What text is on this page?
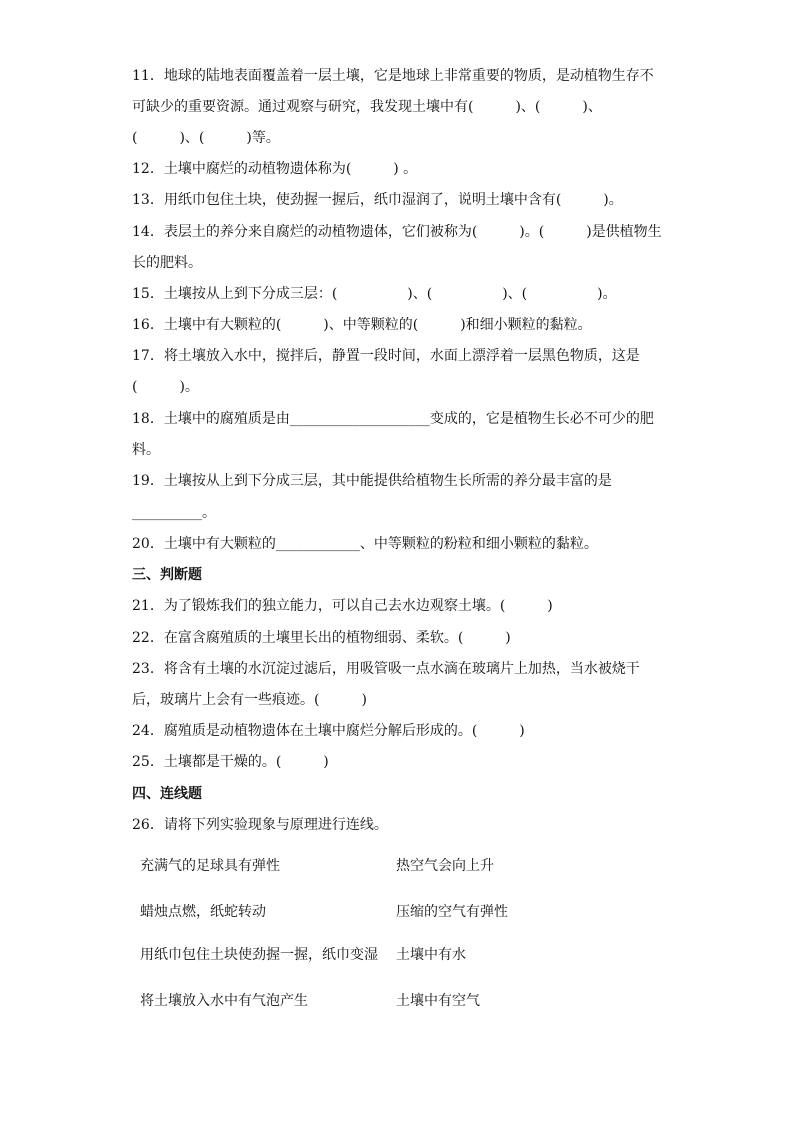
11．地球的陆地表面覆盖着一层土壤，它是地球上非常重要的物质，是动植物生存不
可缺少的重要资源。通过观察与研究，我发现土壤中有(　　　)、(　　　)、
(　　　)、(　　　)等。
12．土壤中腐烂的动植物遗体称为(　　　) 。
13．用纸巾包住土块，使劲握一握后，纸巾湿润了，说明土壤中含有(　　　)。
14．表层土的养分来自腐烂的动植物遗体，它们被称为(　　　)。(　　　)是供植物生
长的肥料。
15．土壤按从上到下分成三层：(　　　　　)、(　　　　　)、(　　　　　)。
16．土壤中有大颗粒的(　　　)、中等颗粒的(　　　)和细小颗粒的黏粒。
17．将土壤放入水中，搅拌后，静置一段时间，水面上漂浮着一层黑色物质，这是
(　　　)。
18．土壤中的腐殖质是由____________________变成的，它是植物生长必不可少的肥
料。
19．土壤按从上到下分成三层，其中能提供给植物生长所需的养分最丰富的是
__________。
20．土壤中有大颗粒的____________、中等颗粒的粉粒和细小颗粒的黏粒。
三、判断题
21．为了锻炼我们的独立能力，可以自己去水边观察土壤。(　　　)
22．在富含腐殖质的土壤里长出的植物细弱、柔软。(　　　)
23．将含有土壤的水沉淀过滤后，用吸管吸一点水滴在玻璃片上加热，当水被烧干
后，玻璃片上会有一些痕迹。(　　　)
24．腐殖质是动植物遗体在土壤中腐烂分解后形成的。(　　　)
25．土壤都是干燥的。(　　　)
四、连线题
26．请将下列实验现象与原理进行连线。
充满气的足球具有弹性	热空气会向上升
蜡烛点燃，纸蛇转动	压缩的空气有弹性
用纸巾包住土块使劲握一握，纸巾变湿 土壤中有水
将土壤放入水中有气泡产生	土壤中有空气
